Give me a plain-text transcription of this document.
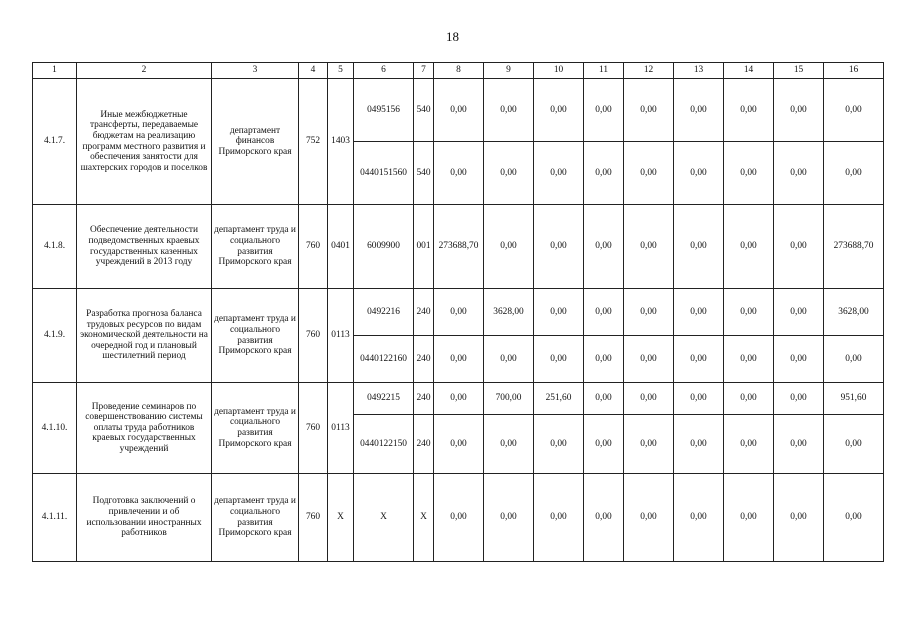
18
1	2	3	4	5	6	7	8	9	10	11	12	13	14	15	16
4.1.7.	Иные межбюджетные трансферты, передаваемые бюджетам на реализацию программ местного развития и обеспечения занятости для шахтерских городов и поселков	департамент финансов Приморского края	752	1403	0495156	540	0,00	0,00	0,00	0,00	0,00	0,00	0,00	0,00	0,00
					0440151560	540	0,00	0,00	0,00	0,00	0,00	0,00	0,00	0,00	0,00
4.1.8.	Обеспечение деятельности подведомственных краевых государственных казенных учреждений в 2013 году	департамент труда и социального развития Приморского края	760	0401	6009900	001	273688,70	0,00	0,00	0,00	0,00	0,00	0,00	0,00	273688,70
4.1.9.	Разработка прогноза баланса трудовых ресурсов по видам экономической деятельности на очередной год и плановый шестилетний период	департамент труда и социального развития Приморского края	760	0113	0492216	240	0,00	3628,00	0,00	0,00	0,00	0,00	0,00	0,00	3628,00
					0440122160	240	0,00	0,00	0,00	0,00	0,00	0,00	0,00	0,00	0,00
4.1.10.	Проведение семинаров по совершенствованию системы оплаты труда работников краевых государственных учреждений	департамент труда и социального развития Приморского края	760	0113	0492215	240	0,00	700,00	251,60	0,00	0,00	0,00	0,00	0,00	951,60
					0440122150	240	0,00	0,00	0,00	0,00	0,00	0,00	0,00	0,00	0,00
4.1.11.	Подготовка заключений о привлечении и об использовании иностранных работников	департамент труда и социального развития Приморского края	760	X	X	X	0,00	0,00	0,00	0,00	0,00	0,00	0,00	0,00	0,00
